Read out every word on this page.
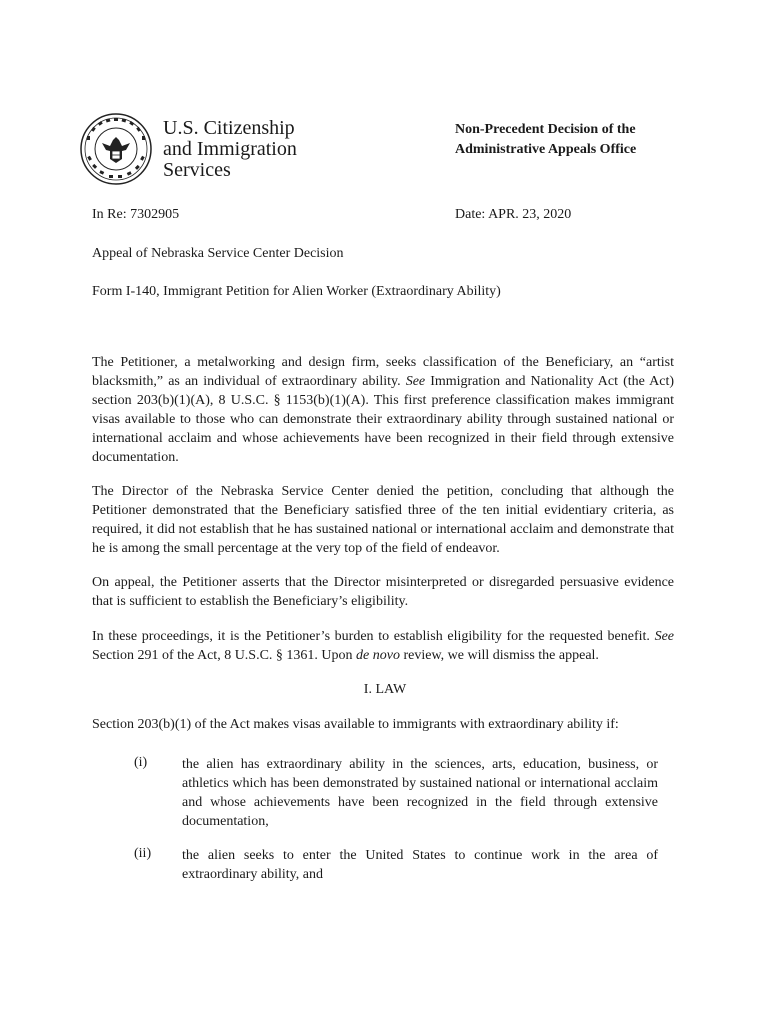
U.S. Citizenship
and Immigration
Services
Non-Precedent Decision of the
Administrative Appeals Office
In Re: 7302905	Date: APR. 23, 2020
Appeal of Nebraska Service Center Decision
Form I-140, Immigrant Petition for Alien Worker (Extraordinary Ability)
The Petitioner, a metalworking and design firm, seeks classification of the Beneficiary, an “artist blacksmith,” as an individual of extraordinary ability. See Immigration and Nationality Act (the Act) section 203(b)(1)(A), 8 U.S.C. § 1153(b)(1)(A). This first preference classification makes immigrant visas available to those who can demonstrate their extraordinary ability through sustained national or international acclaim and whose achievements have been recognized in their field through extensive documentation.
The Director of the Nebraska Service Center denied the petition, concluding that although the Petitioner demonstrated that the Beneficiary satisfied three of the ten initial evidentiary criteria, as required, it did not establish that he has sustained national or international acclaim and demonstrate that he is among the small percentage at the very top of the field of endeavor.
On appeal, the Petitioner asserts that the Director misinterpreted or disregarded persuasive evidence that is sufficient to establish the Beneficiary’s eligibility.
In these proceedings, it is the Petitioner’s burden to establish eligibility for the requested benefit. See Section 291 of the Act, 8 U.S.C. § 1361. Upon de novo review, we will dismiss the appeal.
I. LAW
Section 203(b)(1) of the Act makes visas available to immigrants with extraordinary ability if:
(i) the alien has extraordinary ability in the sciences, arts, education, business, or athletics which has been demonstrated by sustained national or international acclaim and whose achievements have been recognized in the field through extensive documentation,
(ii) the alien seeks to enter the United States to continue work in the area of extraordinary ability, and
